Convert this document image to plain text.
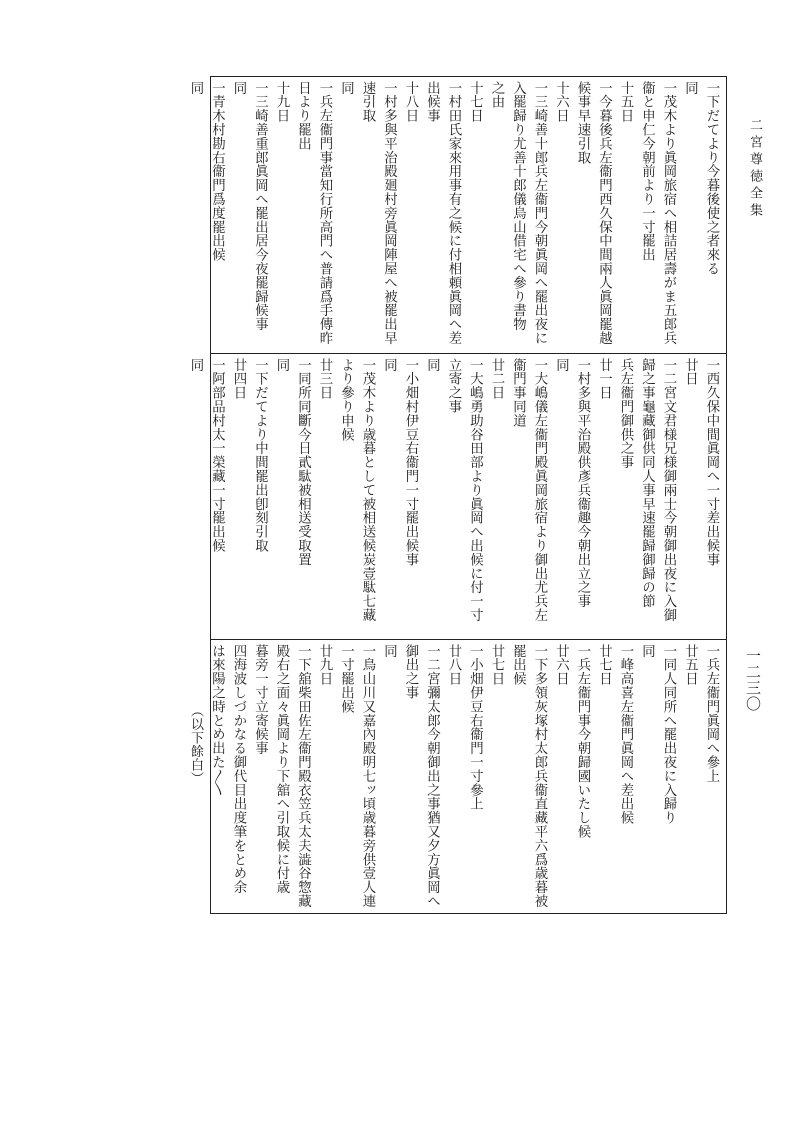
二宮尊徳全集
一二三〇
一下だてより今暮後使之者來る
同
一茂木より眞岡旅宿へ相詰居壽がま五郎兵
衞と申仁今朝前より一寸罷出
十五日
一今暮後兵左衞門西久保中間兩人眞岡罷越
候事早速引取
十六日
一三崎善十郎兵左衞門今朝眞岡へ罷出夜に
入罷歸り尤善十郎儀烏山借宅へ參り書物
之由
十七日
一村田氏家來用事有之候に付相頼眞岡へ差
出候事
十八日
一村多與平治殿廻村旁眞岡陣屋へ被罷出早
速引取
同
一兵左衞門事當知行所高門へ普請爲手傳昨
日より罷出
十九日
一三崎善重郎眞岡へ罷出居今夜罷歸候事
同
一青木村勘右衞門爲度罷出候
同
一西久保中間眞岡へ一寸差出候事
廿日
一二宮文君様兄様御兩士今朝御出夜に入御
歸之事龜藏御供同人事早速罷歸御歸の節
兵左衞門御供之事
廿一日
一村多與平治殿供彥兵衞趣今朝出立之事
同
一大嶋儀左衞門殿眞岡旅宿より御出尤兵左
衞門事同道
廿二日
一大嶋勇助谷田部より眞岡へ出候に付一寸
立寄之事
同
一小畑村伊豆右衞門一寸罷出候事
同
一茂木より歳暮として被相送候炭壹駄七藏
より參り申候
廿三日
一同所同斷今日貳駄被相送受取置
同
一下だてより中間罷出卽刻引取
廿四日
一阿部品村太一榮藏一寸罷出候
同
一兵左衞門眞岡へ參上
廿五日
一同人同所へ罷出夜に入歸り
同
一峰高喜左衞門眞岡へ差出候
廿七日
一兵左衞門事今朝歸國いたし候
廿六日
一下多領灰塚村太郎兵衞直藏平六爲歳暮被
罷出候
廿七日
一小畑伊豆右衞門一寸參上
廿八日
一二宮彌太郎今朝御出之事猶又夕方眞岡へ
御出之事
同
一鳥山川又嘉內殿明七ッ頃歳暮旁供壹人連
一寸罷出候
廿九日
一下舘柴田佐左衞門殿衣笠兵太夫澁谷惣藏
殿右之面々眞岡より下舘へ引取候に付歳
暮旁一寸立寄候事
四海波しづかなる御代目出度筆をとめ余
は來陽之時とめ出た〳〵
（以下餘白）
